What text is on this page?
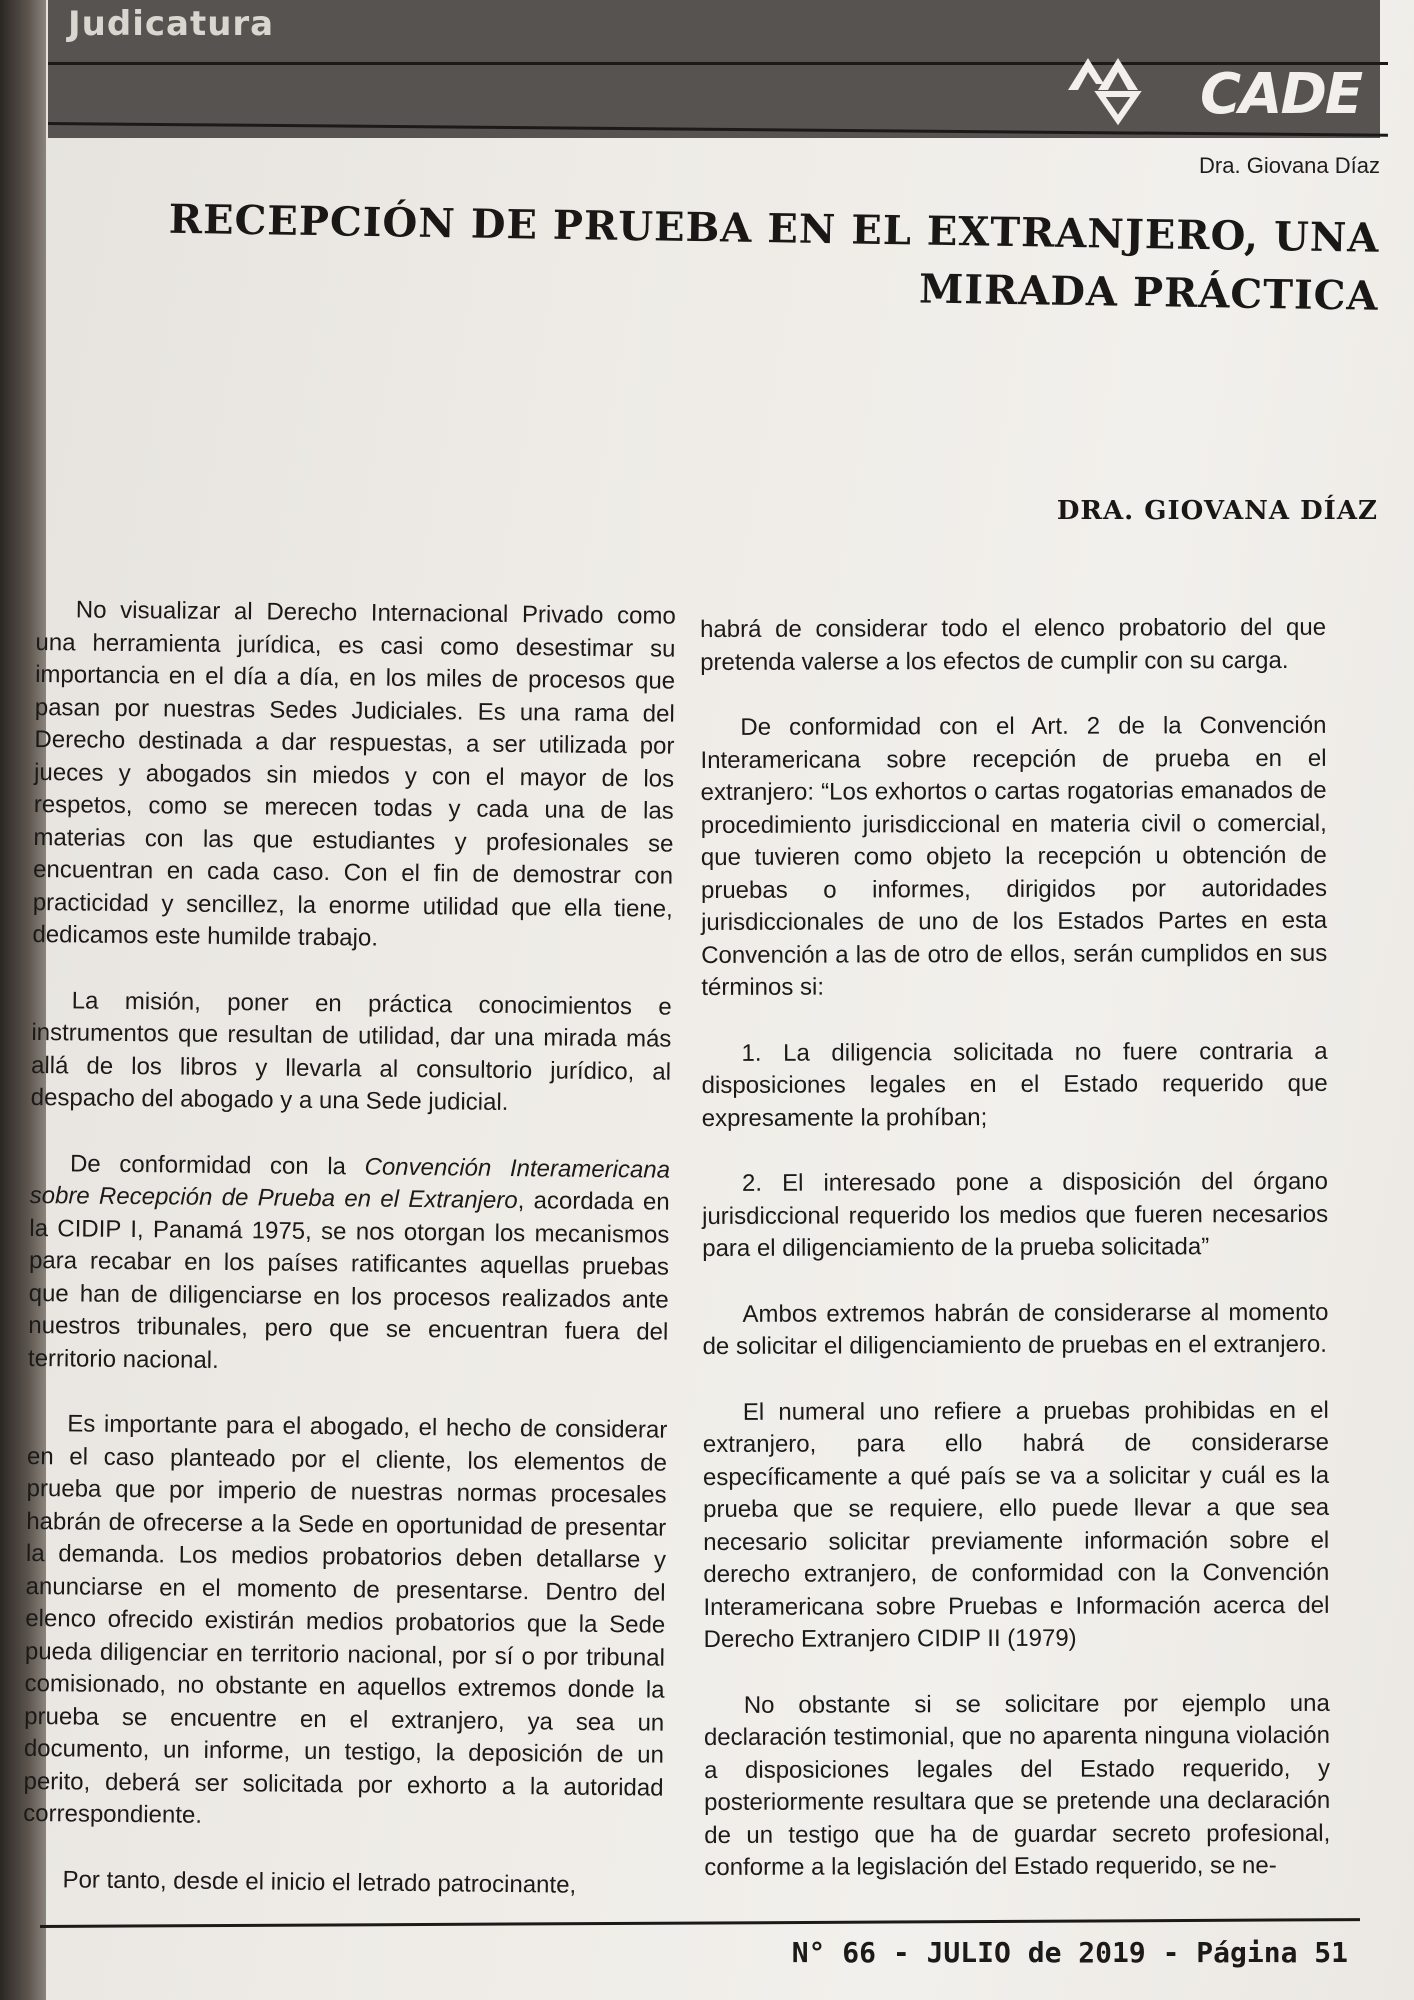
Judicatura
CADE
Dra. Giovana Díaz
RECEPCIÓN DE PRUEBA EN EL EXTRANJERO, UNA MIRADA PRÁCTICA
DRA. GIOVANA DÍAZ

No visualizar al Derecho Internacional Privado como una herramienta jurídica, es casi como desestimar su importancia en el día a día, en los miles de procesos que pasan por nuestras Sedes Judiciales. Es una rama del Derecho destinada a dar respuestas, a ser utilizada por jueces y abogados sin miedos y con el mayor de los respetos, como se merecen todas y cada una de las materias con las que estudiantes y profesionales se encuentran en cada caso. Con el fin de demostrar con practicidad y sencillez, la enorme utilidad que ella tiene, dedicamos este humilde trabajo.

La misión, poner en práctica conocimientos e instrumentos que resultan de utilidad, dar una mirada más allá de los libros y llevarla al consultorio jurídico, al despacho del abogado y a una Sede judicial.

De conformidad con la Convención Interamericana sobre Recepción de Prueba en el Extranjero, acordada en la CIDIP I, Panamá 1975, se nos otorgan los mecanismos para recabar en los países ratificantes aquellas pruebas que han de diligenciarse en los procesos realizados ante nuestros tribunales, pero que se encuentran fuera del territorio nacional.

Es importante para el abogado, el hecho de considerar en el caso planteado por el cliente, los elementos de prueba que por imperio de nuestras normas procesales habrán de ofrecerse a la Sede en oportunidad de presentar la demanda. Los medios probatorios deben detallarse y anunciarse en el momento de presentarse. Dentro del elenco ofrecido existirán medios probatorios que la Sede pueda diligenciar en territorio nacional, por sí o por tribunal comisionado, no obstante en aquellos extremos donde la prueba se encuentre en el extranjero, ya sea un documento, un informe, un testigo, la deposición de un perito, deberá ser solicitada por exhorto a la autoridad correspondiente.

Por tanto, desde el inicio el letrado patrocinante,

habrá de considerar todo el elenco probatorio del que pretenda valerse a los efectos de cumplir con su carga.

De conformidad con el Art. 2 de la Convención Interamericana sobre recepción de prueba en el extranjero: “Los exhortos o cartas rogatorias emanados de procedimiento jurisdiccional en materia civil o comercial, que tuvieren como objeto la recepción u obtención de pruebas o informes, dirigidos por autoridades jurisdiccionales de uno de los Estados Partes en esta Convención a las de otro de ellos, serán cumplidos en sus términos si:

1. La diligencia solicitada no fuere contraria a disposiciones legales en el Estado requerido que expresamente la prohíban;

2. El interesado pone a disposición del órgano jurisdiccional requerido los medios que fueren necesarios para el diligenciamiento de la prueba solicitada”

Ambos extremos habrán de considerarse al momento de solicitar el diligenciamiento de pruebas en el extranjero.

El numeral uno refiere a pruebas prohibidas en el extranjero, para ello habrá de considerarse específicamente a qué país se va a solicitar y cuál es la prueba que se requiere, ello puede llevar a que sea necesario solicitar previamente información sobre el derecho extranjero, de conformidad con la Convención Interamericana sobre Pruebas e Información acerca del Derecho Extranjero CIDIP II (1979)

No obstante si se solicitare por ejemplo una declaración testimonial, que no aparenta ninguna violación a disposiciones legales del Estado requerido, y posteriormente resultara que se pretende una declaración de un testigo que ha de guardar secreto profesional, conforme a la legislación del Estado requerido, se ne-

N° 66 - JULIO de 2019 - Página 51
